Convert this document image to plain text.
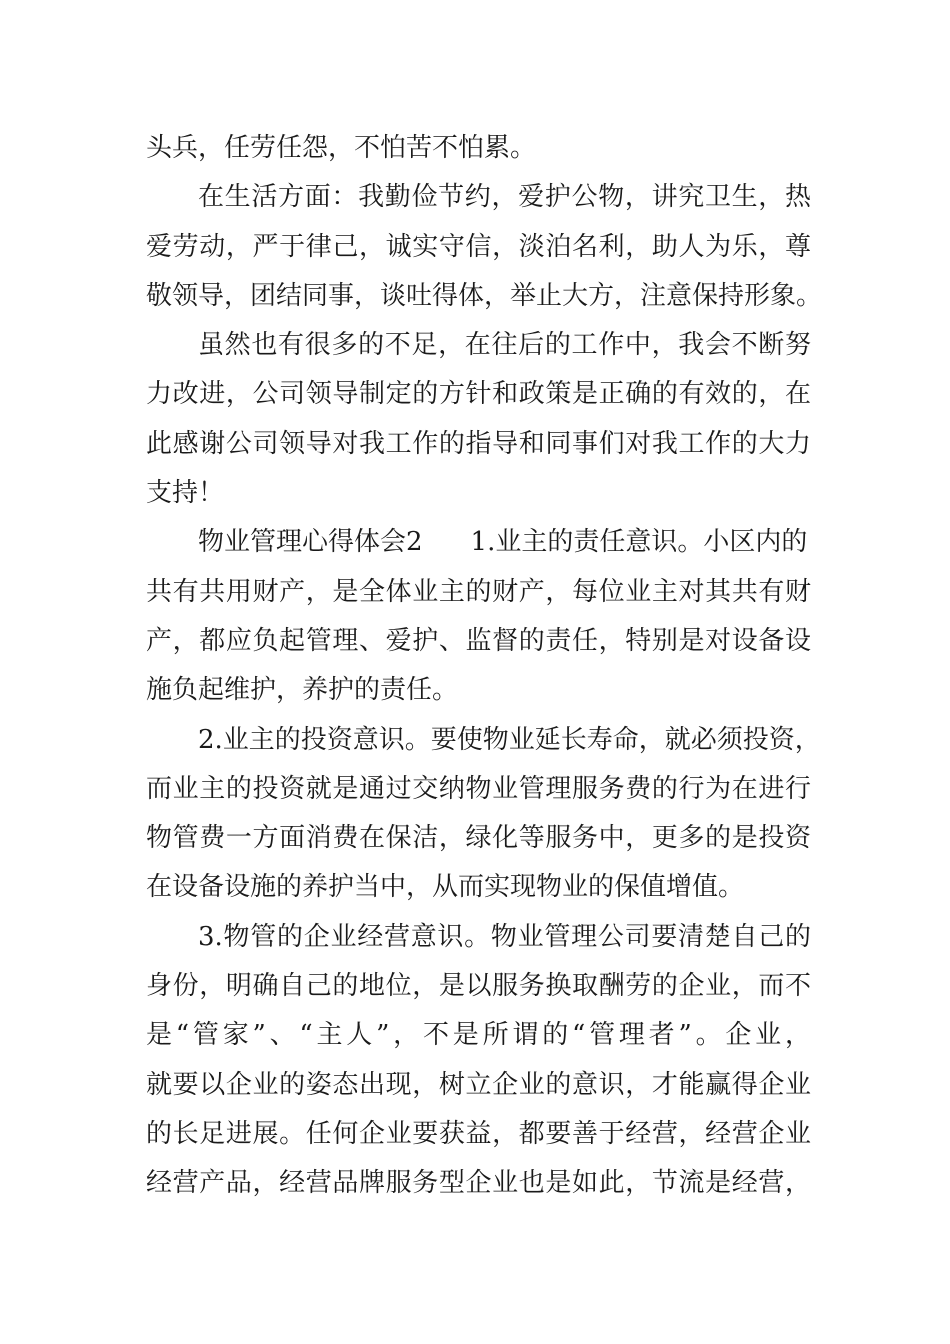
头兵，任劳任怨，不怕苦不怕累。
在生活方面：我勤俭节约，爱护公物，讲究卫生，热
爱劳动，严于律己，诚实守信，淡泊名利，助人为乐，尊
敬领导，团结同事，谈吐得体，举止大方，注意保持形象。
虽然也有很多的不足，在往后的工作中，我会不断努
力改进，公司领导制定的方针和政策是正确的有效的，在
此感谢公司领导对我工作的指导和同事们对我工作的大力
支持！
物业管理心得体会2 1.业主的责任意识。小区内的
共有共用财产，是全体业主的财产，每位业主对其共有财
产，都应负起管理、爱护、监督的责任，特别是对设备设
施负起维护，养护的责任。
2.业主的投资意识。要使物业延长寿命，就必须投资，
而业主的投资就是通过交纳物业管理服务费的行为在进行
物管费一方面消费在保洁，绿化等服务中，更多的是投资
在设备设施的养护当中，从而实现物业的保值增值。
3.物管的企业经营意识。物业管理公司要清楚自己的
身份，明确自己的地位，是以服务换取酬劳的企业，而不
是“管家”、“主人”，不是所谓的“管理者”。企业，
就要以企业的姿态出现，树立企业的意识，才能赢得企业
的长足进展。任何企业要获益，都要善于经营，经营企业
经营产品，经营品牌服务型企业也是如此，节流是经营，
